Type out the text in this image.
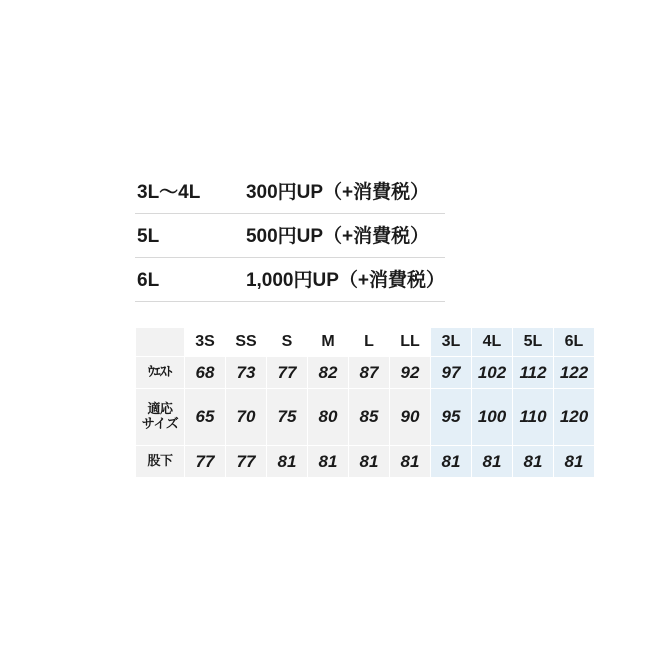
3L〜4L	300円UP（+消費税）
5L	500円UP（+消費税）
6L	1,000円UP（+消費税）
	3S	SS	S	M	L	LL	3L	4L	5L	6L
ｳｴｽﾄ	68	73	77	82	87	92	97	102	112	122

適応
サイズ	65	70	75	80	85	90	95	100	110	120
股下	77	77	81	81	81	81	81	81	81	81
